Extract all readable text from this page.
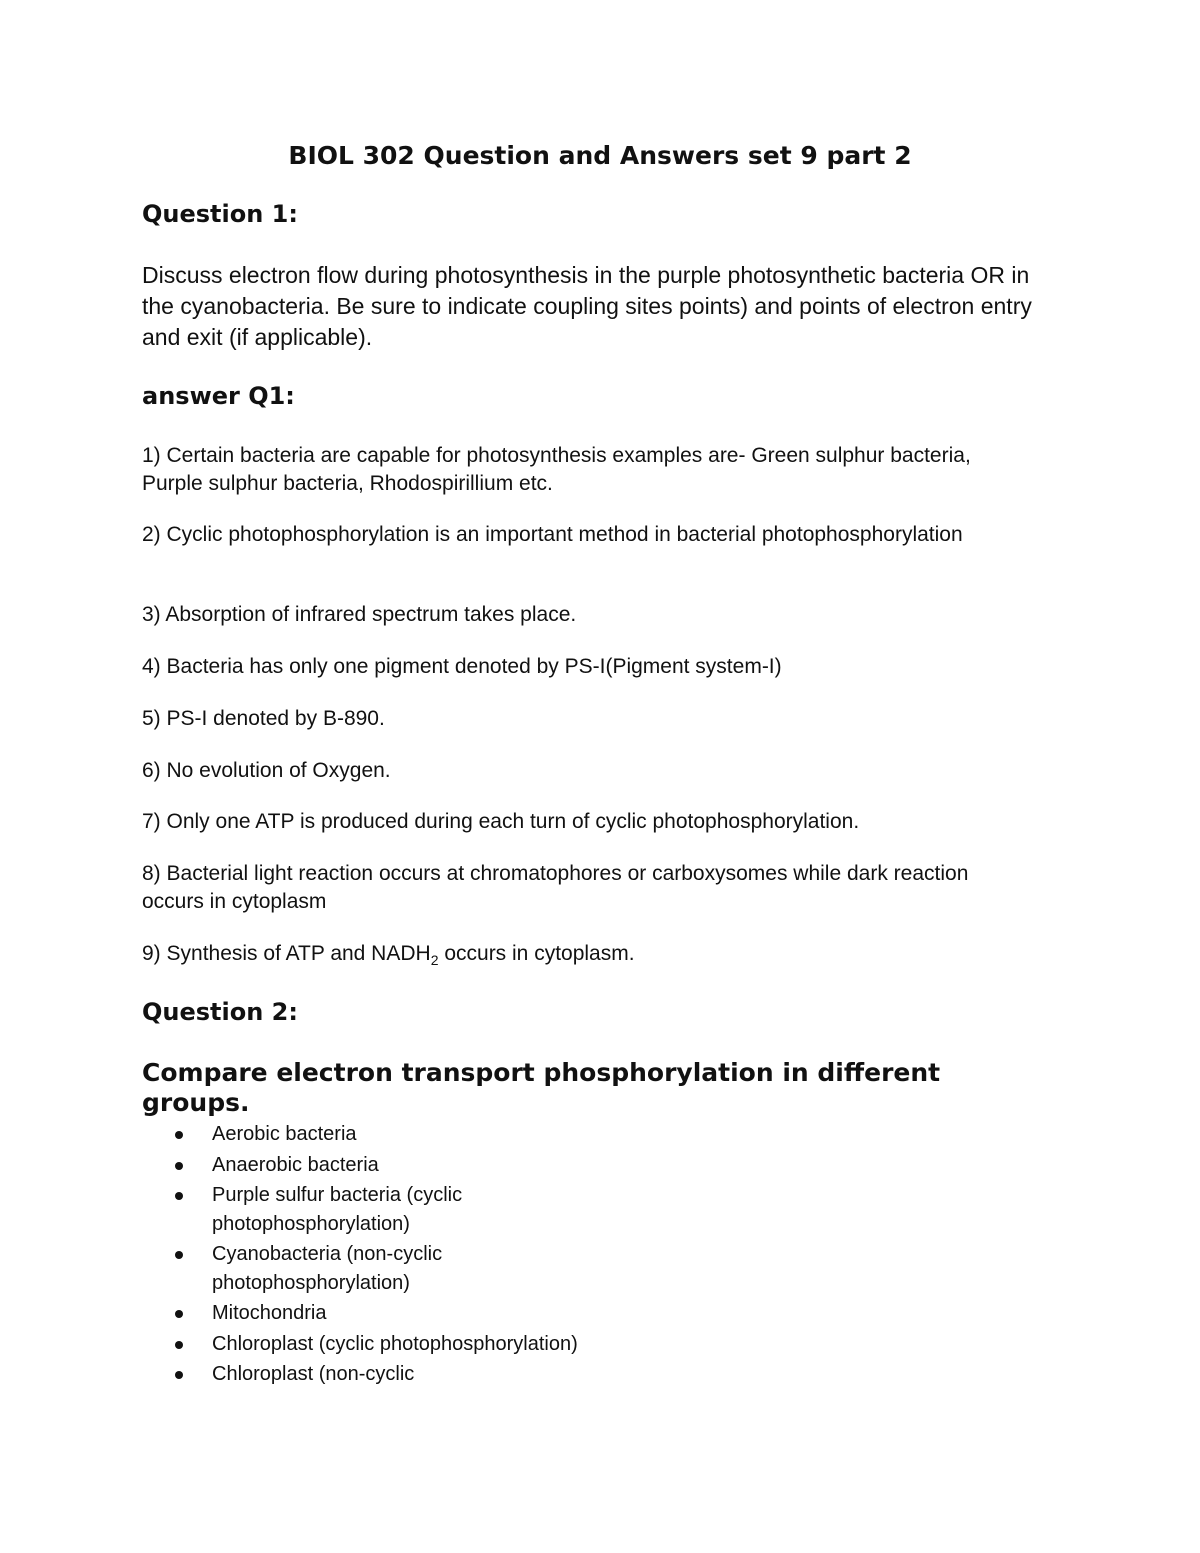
BIOL 302 Question and Answers set 9 part 2
Question 1:

Discuss electron flow during photosynthesis in the purple photosynthetic bacteria OR in the cyanobacteria. Be sure to indicate coupling sites points) and points of electron entry and exit (if applicable).

answer Q1:

1) Certain bacteria are capable for photosynthesis examples are- Green sulphur bacteria, Purple sulphur bacteria, Rhodospirillium etc.

2) Cyclic photophosphorylation is an important method in bacterial photophosphorylation

3) Absorption of infrared spectrum takes place.

4) Bacteria has only one pigment denoted by PS-I(Pigment system-I)

5) PS-I denoted by B-890.

6) No evolution of Oxygen.

7) Only one ATP is produced during each turn of cyclic photophosphorylation.

8) Bacterial light reaction occurs at chromatophores or carboxysomes while dark reaction occurs in cytoplasm

9) Synthesis of ATP and $NADH_2$ occurs in cytoplasm.

Question 2:
Compare electron transport phosphorylation in different groups.
Aerobic bacteria
Anaerobic bacteria
Purple sulfur bacteria (cyclic photophosphorylation)
Cyanobacteria (non-cyclic photophosphorylation)
Mitochondria
Chloroplast (cyclic photophosphorylation)
Chloroplast (non-cyclic
